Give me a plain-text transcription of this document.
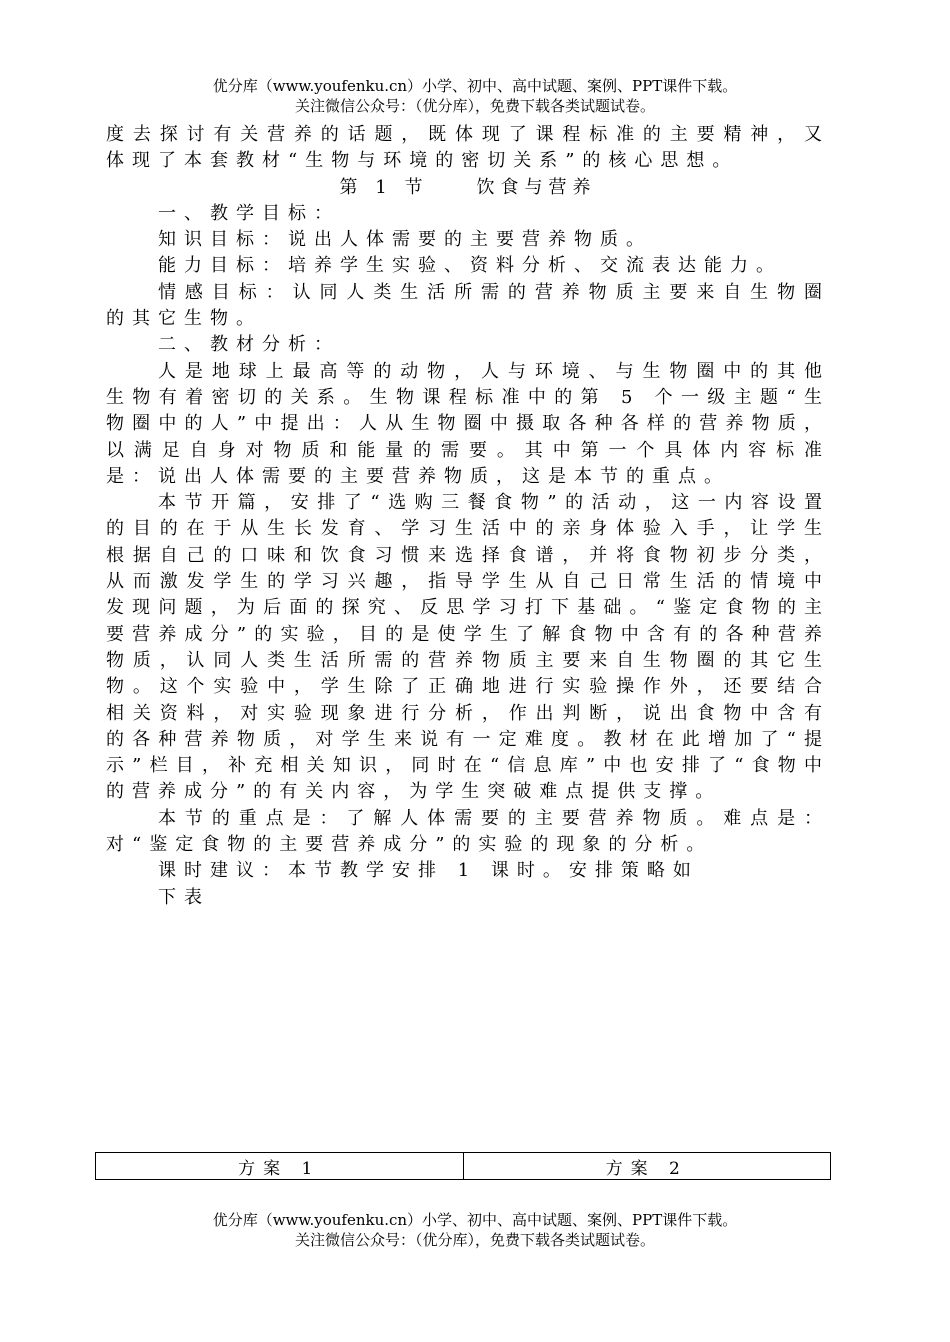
优分库（www.youfenku.cn）小学、初中、高中试题、案例、PPT课件下载。
关注微信公众号：（优分库），免费下载各类试题试卷。

度去探讨有关营养的话题，既体现了课程标准的主要精神，又体现了本套教材“生物与环境的密切关系”的核心思想。

第 1 节　　饮食与营养

一、教学目标：

知识目标：说出人体需要的主要营养物质。

能力目标：培养学生实验、资料分析、交流表达能力。

情感目标：认同人类生活所需的营养物质主要来自生物圈的其它生物。

二、教材分析：

人是地球上最高等的动物，人与环境、与生物圈中的其他生物有着密切的关系。生物课程标准中的第 5 个一级主题“生物圈中的人”中提出：人从生物圈中摄取各种各样的营养物质，以满足自身对物质和能量的需要。其中第一个具体内容标准是：说出人体需要的主要营养物质，这是本节的重点。

本节开篇，安排了“选购三餐食物”的活动，这一内容设置的目的在于从生长发育、学习生活中的亲身体验入手，让学生根据自己的口味和饮食习惯来选择食谱，并将食物初步分类，从而激发学生的学习兴趣，指导学生从自己日常生活的情境中发现问题，为后面的探究、反思学习打下基础。“鉴定食物的主要营养成分”的实验，目的是使学生了解食物中含有的各种营养物质，认同人类生活所需的营养物质主要来自生物圈的其它生物。这个实验中，学生除了正确地进行实验操作外，还要结合相关资料，对实验现象进行分析，作出判断，说出食物中含有的各种营养物质，对学生来说有一定难度。教材在此增加了“提示”栏目，补充相关知识，同时在“信息库”中也安排了“食物中的营养成分”的有关内容，为学生突破难点提供支撑。

本节的重点是：了解人体需要的主要营养物质。难点是：对“鉴定食物的主要营养成分”的实验的现象的分析。

课时建议：本节教学安排 1 课时。安排策略如

下表

方案 1	方案 2
优分库（www.youfenku.cn）小学、初中、高中试题、案例、PPT课件下载。
关注微信公众号：（优分库），免费下载各类试题试卷。
